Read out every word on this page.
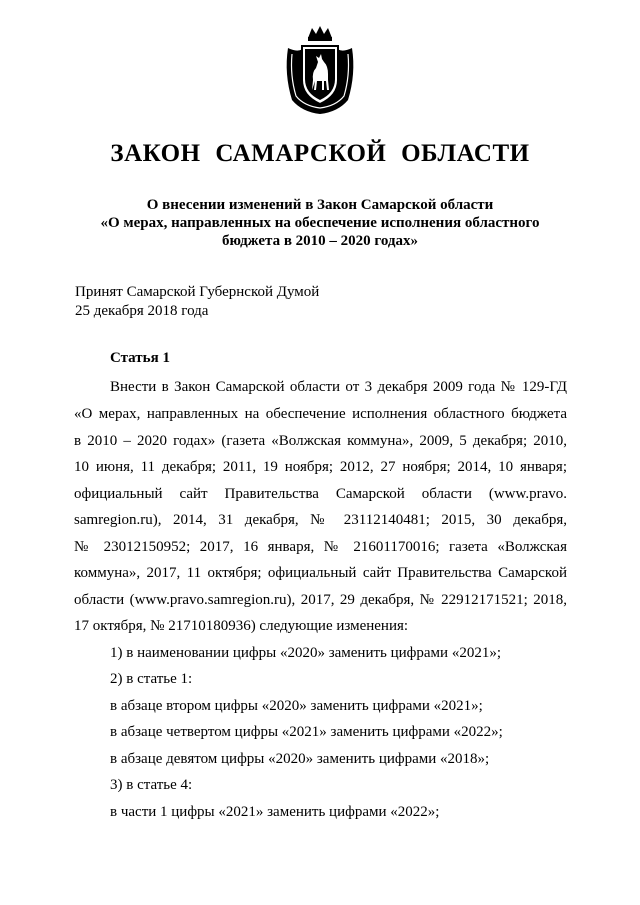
ЗАКОН САМАРСКОЙ ОБЛАСТИ
О внесении изменений в Закон Самарской области
«О мерах, направленных на обеспечение исполнения областного
бюджета в 2010 – 2020 годах»
Принят Самарской Губернской Думой
25 декабря 2018 года
Статья 1
Внести в Закон Самарской области от 3 декабря 2009 года № 129-ГД
«О мерах, направленных на обеспечение исполнения областного бюджета
в 2010 – 2020 годах» (газета «Волжская коммуна», 2009, 5 декабря; 2010,
10 июня, 11 декабря; 2011, 19 ноября; 2012, 27 ноября; 2014, 10 января;
официальный сайт Правительства Самарской области (www.pravo.
samregion.ru), 2014, 31 декабря, № 23112140481; 2015, 30 декабря,
№ 23012150952; 2017, 16 января, № 21601170016; газета «Волжская
коммуна», 2017, 11 октября; официальный сайт Правительства Самарской
области (www.pravo.samregion.ru), 2017, 29 декабря, № 22912171521; 2018,
17 октября, № 21710180936) следующие изменения:
1) в наименовании цифры «2020» заменить цифрами «2021»;
2) в статье 1:
в абзаце втором цифры «2020» заменить цифрами «2021»;
в абзаце четвертом цифры «2021» заменить цифрами «2022»;
в абзаце девятом цифры «2020» заменить цифрами «2018»;
3) в статье 4:
в части 1 цифры «2021» заменить цифрами «2022»;
